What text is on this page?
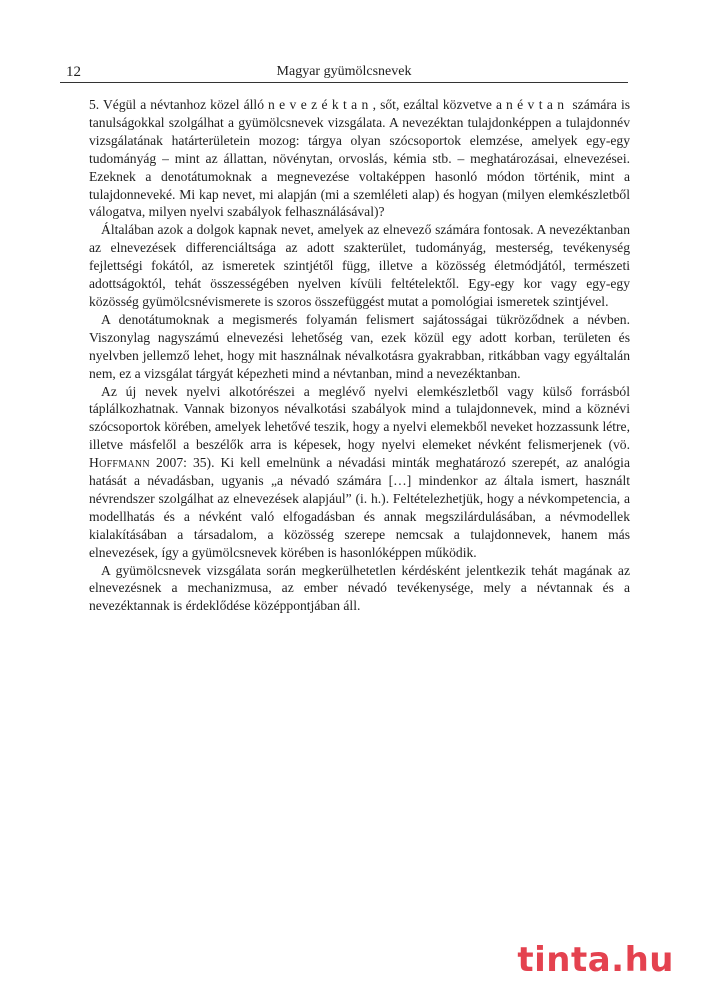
12	Magyar gyümölcsnevek

5. Végül a névtanhoz közel álló nevezéktan, sőt, ezáltal közvetve a névtan számára is tanulságokkal szolgálhat a gyümölcsnevek vizsgálata. A nevezéktan tulajdonképpen a tulajdonnév vizsgálatának határterületein mozog: tárgya olyan szócsoportok elemzése, amelyek egy-egy tudományág – mint az állattan, növénytan, orvoslás, kémia stb. – meghatározásai, elnevezései. Ezeknek a denotátumoknak a megnevezése voltaképpen hasonló módon történik, mint a tulajdonneveké. Mi kap nevet, mi alapján (mi a szemléleti alap) és hogyan (milyen elemkészletből válogatva, milyen nyelvi szabályok felhasználásával)?

Általában azok a dolgok kapnak nevet, amelyek az elnevező számára fontosak. A nevezéktanban az elnevezések differenciáltsága az adott szakterület, tudományág, mesterség, tevékenység fejlettségi fokától, az ismeretek szintjétől függ, illetve a közösség életmódjától, természeti adottságoktól, tehát összességében nyelven kívüli feltételektől. Egy-egy kor vagy egy-egy közösség gyümölcsnévismerete is szoros összefüggést mutat a pomológiai ismeretek szintjével.

A denotátumoknak a megismerés folyamán felismert sajátosságai tükröződnek a névben. Viszonylag nagyszámú elnevezési lehetőség van, ezek közül egy adott korban, területen és nyelvben jellemző lehet, hogy mit használnak névalkotásra gyakrabban, ritkábban vagy egyáltalán nem, ez a vizsgálat tárgyát képezheti mind a névtanban, mind a nevezéktanban.

Az új nevek nyelvi alkotórészei a meglévő nyelvi elemkészletből vagy külső forrásból táplálkozhatnak. Vannak bizonyos névalkotási szabályok mind a tulajdonnevek, mind a köznévi szócsoportok körében, amelyek lehetővé teszik, hogy a nyelvi elemekből neveket hozzassunk létre, illetve másfelől a beszélők arra is képesek, hogy nyelvi elemeket névként felismerjenek (vö. Hoffmann 2007: 35). Ki kell emelnünk a névadási minták meghatározó szerepét, az analógia hatását a névadásban, ugyanis „a névadó számára […] mindenkor az általa ismert, használt névrendszer szolgálhat az elnevezések alapjául” (i. h.). Feltételezhetjük, hogy a névkompetencia, a modellhatás és a névként való elfogadásban és annak megszilárdulásában, a névmodellek kialakításában a társadalom, a közösség szerepe nemcsak a tulajdonnevek, hanem más elnevezések, így a gyümölcsnevek körében is hasonlóképpen működik.

A gyümölcsnevek vizsgálata során megkerülhetetlen kérdésként jelentkezik tehát magának az elnevezésnek a mechanizmusa, az ember névadó tevékenysége, mely a névtannak és a nevezéktannak is érdeklődése középpontjában áll.

tinta.hu
